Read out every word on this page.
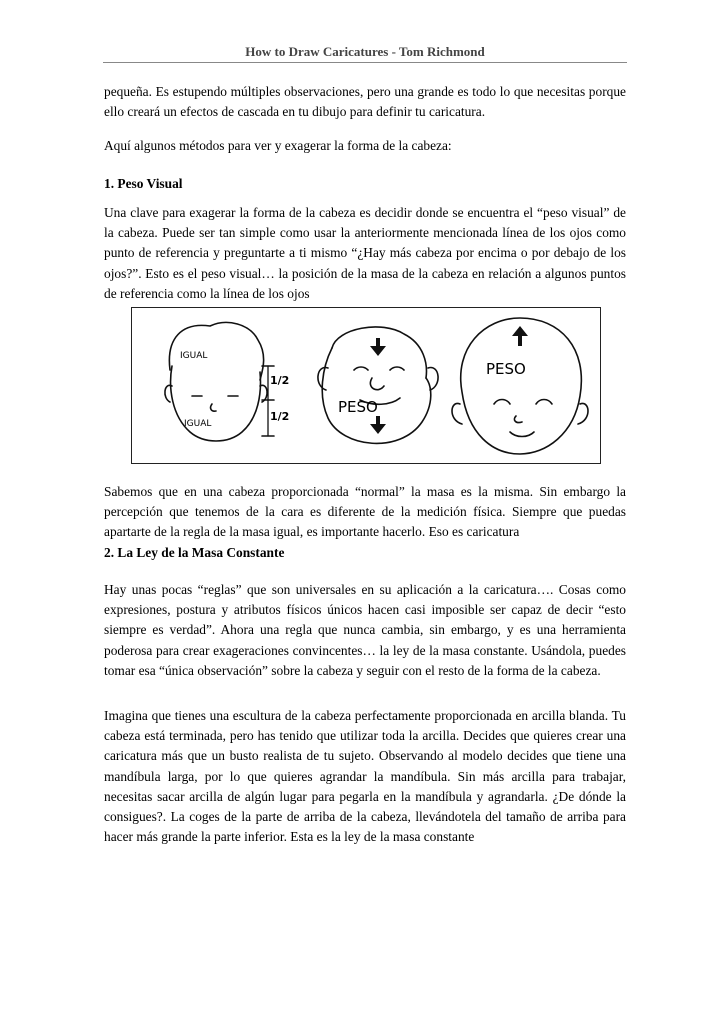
How to Draw Caricatures - Tom Richmond

pequeña. Es estupendo múltiples observaciones, pero una grande es todo lo que necesitas porque ello creará un efectos de cascada en tu dibujo para definir tu caricatura.

Aquí algunos métodos para ver y exagerar la forma de la cabeza:

1. Peso Visual

Una clave para exagerar la forma de la cabeza es decidir donde se encuentra el “peso visual” de la cabeza. Puede ser tan simple como usar la anteriormente mencionada línea de los ojos como punto de referencia y preguntarte a ti mismo “¿Hay más cabeza por encima o por debajo de los ojos?”. Esto es el peso visual… la posición de la masa de la cabeza en relación a algunos puntos de referencia como la línea de los ojos

IGUAL
IGUAL
1/2
1/2
PESO
PESO

Sabemos que en una cabeza proporcionada “normal” la masa es la misma. Sin embargo la percepción que tenemos de la cara es diferente de la medición física. Siempre que puedas apartarte de la regla de la masa igual, es importante hacerlo. Eso es caricatura

2. La Ley de la Masa Constante

Hay unas pocas “reglas” que son universales en su aplicación a la caricatura…. Cosas como expresiones, postura y atributos físicos únicos hacen casi imposible ser capaz de decir “esto siempre es verdad”. Ahora una regla que nunca cambia, sin embargo, y es una herramienta poderosa para crear exageraciones convincentes… la ley de la masa constante. Usándola, puedes tomar esa “única observación” sobre la cabeza y seguir con el resto de la forma de la cabeza.

Imagina que tienes una escultura de la cabeza perfectamente proporcionada en arcilla blanda. Tu cabeza está terminada, pero has tenido que utilizar toda la arcilla. Decides que quieres crear una caricatura más que un busto realista de tu sujeto. Observando al modelo decides que tiene una mandíbula larga, por lo que quieres agrandar la mandíbula. Sin más arcilla para trabajar, necesitas sacar arcilla de algún lugar para pegarla en la mandíbula y agrandarla. ¿De dónde la consigues?. La coges de la parte de arriba de la cabeza, llevándotela del tamaño de arriba para hacer más grande la parte inferior. Esta es la ley de la masa constante
